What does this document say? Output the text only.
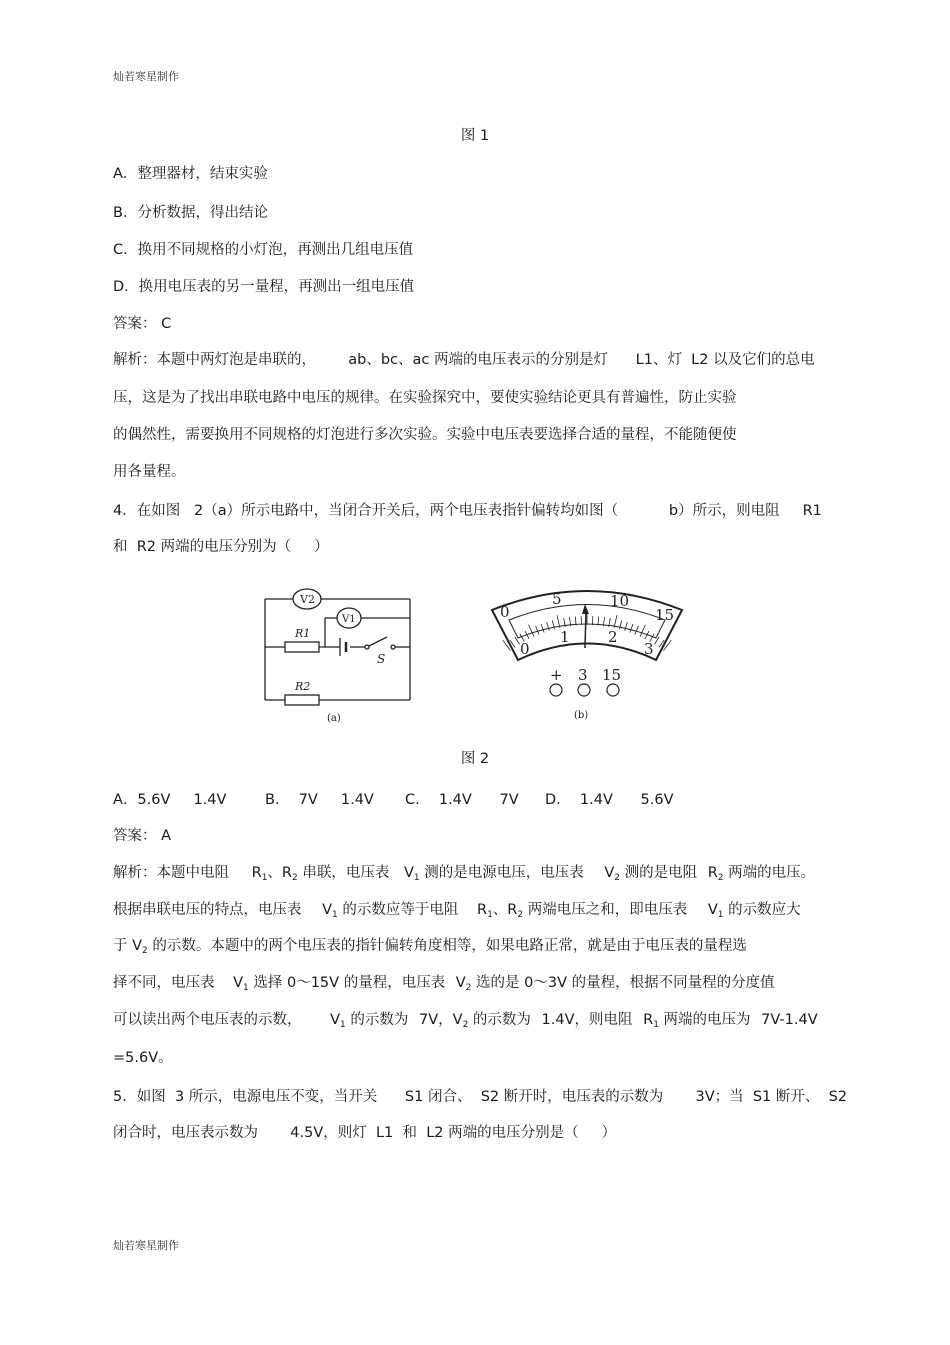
灿若寒星制作
图 1
A．整理器材，结束实验
B．分析数据，得出结论
C．换用不同规格的小灯泡，再测出几组电压值
D．换用电压表的另一量程，再测出一组电压值
答案： C
解析：本题中两灯泡是串联的，       ab、bc、ac 两端的电压表示的分别是灯      L1、灯  L2 以及它们的总电
压，这是为了找出串联电路中电压的规律。在实验探究中，要使实验结论更具有普遍性，防止实验
的偶然性，需要换用不同规格的灯泡进行多次实验。实验中电压表要选择合适的量程，不能随便使
用各量程。
4．在如图   2（a）所示电路中，当闭合开关后，两个电压表指针偏转均如图（           b）所示，则电阻     R1
和  R2 两端的电压分别为（     ）
V2
V1
R1
R2
S
(a)
0
5	10
15
0
1	2
3
+ 3 15
(b)
图 2
A．5.6V     1.4V	B．  7V     1.4V C．  1.4V      7V D．  1.4V      5.6V
答案： A
解析：本题中电阻 $R_1$、$R_2$ 串联，电压表 $V_1$ 测的是电源电压，电压表 $V_2$ 测的是电阻 $R_2$ 两端的电压。
根据串联电压的特点，电压表 $V_1$ 的示数应等于电阻 $R_1$、$R_2$ 两端电压之和，即电压表 $V_1$ 的示数应大
于 $V_2$ 的示数。本题中的两个电压表的指针偏转角度相等，如果电路正常，就是由于电压表的量程选
择不同，电压表 $V_1$ 选择 0～15V 的量程，电压表 $V_2$ 选的是 0～3V 的量程，根据不同量程的分度值
可以读出两个电压表的示数， $V_1$ 的示数为 7V，$V_2$ 的示数为 1.4V，则电阻 $R_1$ 两端的电压为 7V-1.4V
=5.6V。
5．如图  3 所示，电源电压不变，当开关      S1 闭合、  S2 断开时，电压表的示数为       3V；当  S1 断开、  S2
闭合时，电压表示数为       4.5V，则灯  L1  和  L2 两端的电压分别是（     ）
灿若寒星制作
